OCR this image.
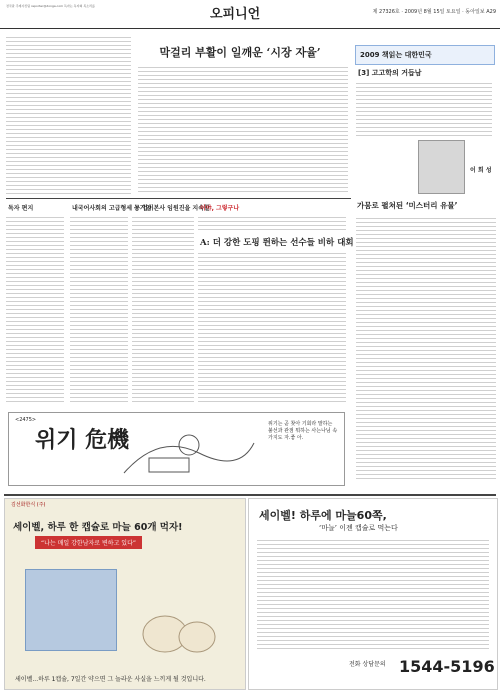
전국판 주재사진팀 reporter@donga.com 독자는 독자의 목소리를
오피니언	제 27326호 · 2009년 8월 15일 토요일 · 동아일보 A29
막걸리 부활이 일깨운 ‘시장 자율’	2009 책읽는 대한민국
[3] 고고학의 거듭남
이 희 성
가뭄로 펼쳐된 ‘미스터리 유물’
독자 편지	내국어사회의 고급형세 농 업이
공기업 본사 임원진을 지속할
이야, 그렇구나
A: 더 강한 도핑 뛴하는 선수들 비하 대회
<2475>
위기 危機
위기는 곧 찾아 기회라 말하는 불선과 관점 뭐하는 사는나님 속가지도 자.좋 아.
김선화한식 (주)
세이벨, 하루 한 캡슐로 마늘 60개 먹자!
“나는 매일 강한남자로 변하고 있다”
세이벨...하루 1캡슐, 7일간 약으면 그 놀라운 사실을 느끼게 될 것입니다.
세이벨! 하루에 마늘60쪽,
‘마늘’ 이젠 캡슐로 먹는다
전화 상담문의 1544-5196
